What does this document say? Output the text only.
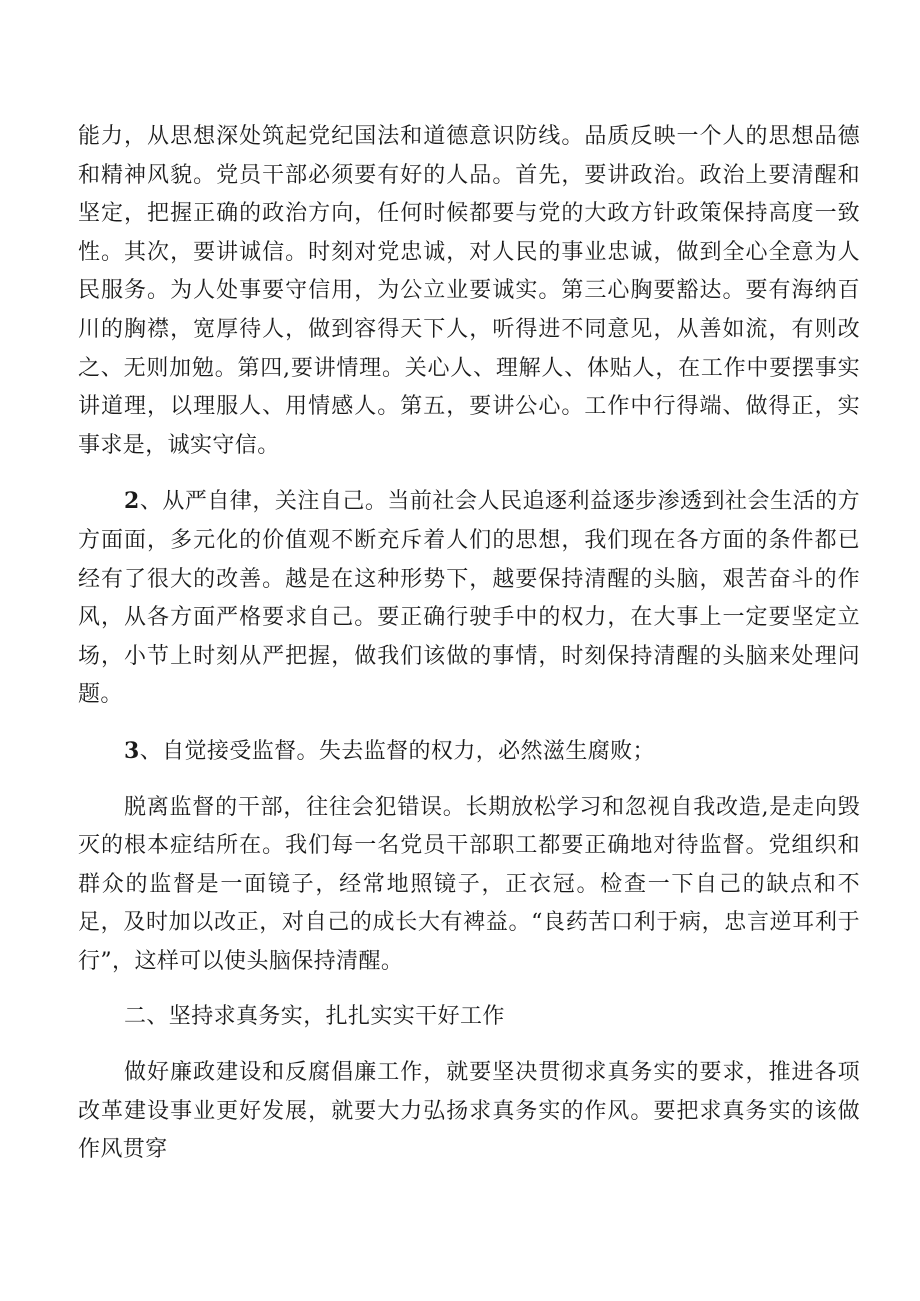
能力，从思想深处筑起党纪国法和道德意识防线。品质反映一个人的思想品德和精神风貌。党员干部必须要有好的人品。首先，要讲政治。政治上要清醒和坚定，把握正确的政治方向，任何时候都要与党的大政方针政策保持高度一致性。其次，要讲诚信。时刻对党忠诚，对人民的事业忠诚，做到全心全意为人民服务。为人处事要守信用，为公立业要诚实。第三心胸要豁达。要有海纳百川的胸襟，宽厚待人，做到容得天下人，听得进不同意见，从善如流，有则改之、无则加勉。第四,要讲情理。关心人、理解人、体贴人，在工作中要摆事实讲道理，以理服人、用情感人。第五，要讲公心。工作中行得端、做得正，实事求是，诚实守信。

2、从严自律，关注自己。当前社会人民追逐利益逐步渗透到社会生活的方方面面，多元化的价值观不断充斥着人们的思想，我们现在各方面的条件都已经有了很大的改善。越是在这种形势下，越要保持清醒的头脑，艰苦奋斗的作风，从各方面严格要求自己。要正确行驶手中的权力，在大事上一定要坚定立场，小节上时刻从严把握，做我们该做的事情，时刻保持清醒的头脑来处理问题。

3、自觉接受监督。失去监督的权力，必然滋生腐败；

脱离监督的干部，往往会犯错误。长期放松学习和忽视自我改造,是走向毁灭的根本症结所在。我们每一名党员干部职工都要正确地对待监督。党组织和群众的监督是一面镜子，经常地照镜子，正衣冠。检查一下自己的缺点和不足，及时加以改正，对自己的成长大有裨益。“良药苦口利于病，忠言逆耳利于行”，这样可以使头脑保持清醒。

二、坚持求真务实，扎扎实实干好工作

做好廉政建设和反腐倡廉工作，就要坚决贯彻求真务实的要求，推进各项改革建设事业更好发展，就要大力弘扬求真务实的作风。要把求真务实的该做作风贯穿
